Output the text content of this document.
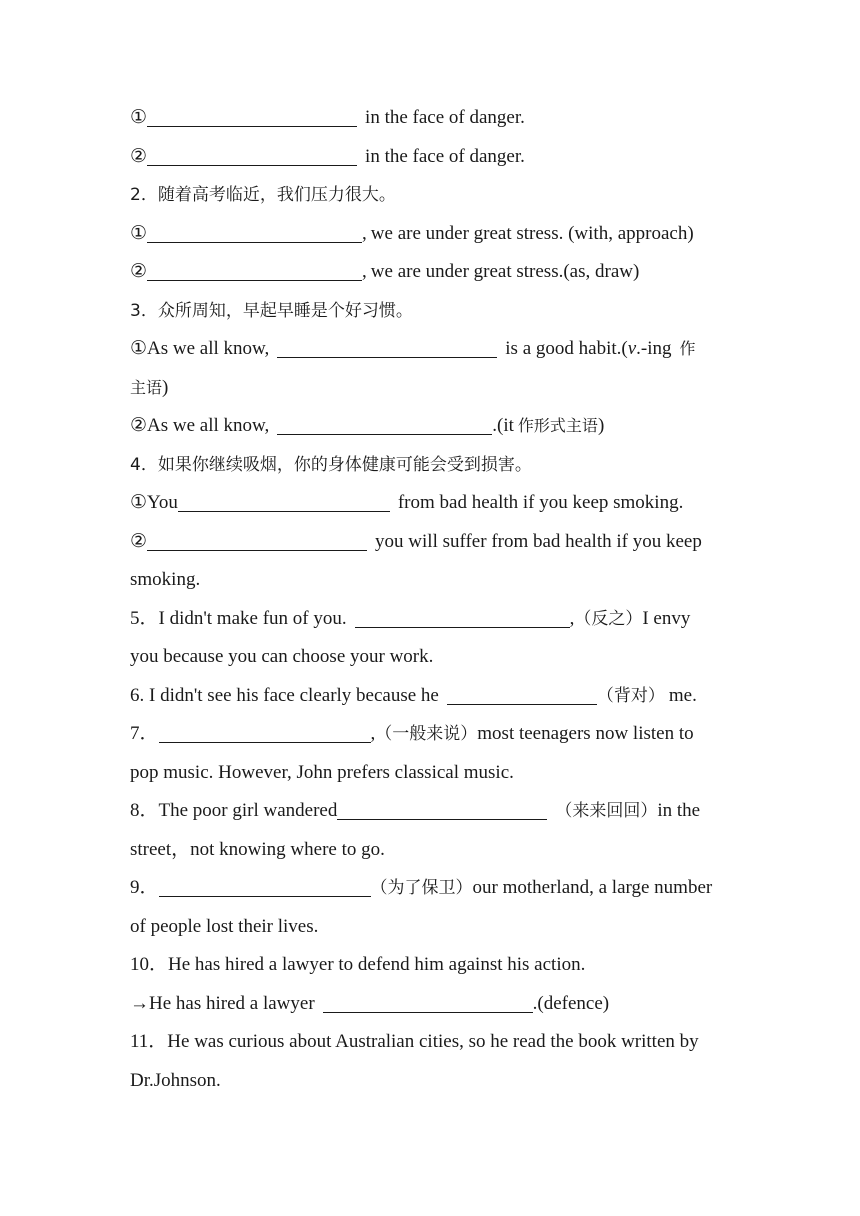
①	in the face of danger.
②	in the face of danger.
2．随着高考临近，我们压力很大。
①	, we are under great stress. (with, approach)
②	, we are under great stress.(as, draw)
3．众所周知，早起早睡是个好习惯。
①As we all know,	is a good habit.(v.-ing 作
主语)
②As we all know,	.(it 作形式主语)
4．如果你继续吸烟，你的身体健康可能会受到损害。
①You	from bad health if you keep smoking.
②	you will suffer from bad health if you keep
smoking.
5．I didn't make fun of you.	,（反之）I envy
you because you can choose your work.
6. I didn't see his face clearly because he	（背对） me.
7．	,（一般来说）most teenagers now listen to
pop music. However, John prefers classical music.
8．The poor girl wandered	（来来回回）in the
street，not knowing where to go.
9．	（为了保卫）our motherland, a large number
of people lost their lives.
10．He has hired a lawyer to defend him against his action.
→He has hired a lawyer	.(defence)
11．He was curious about Australian cities, so he read the book written by
Dr.Johnson.
